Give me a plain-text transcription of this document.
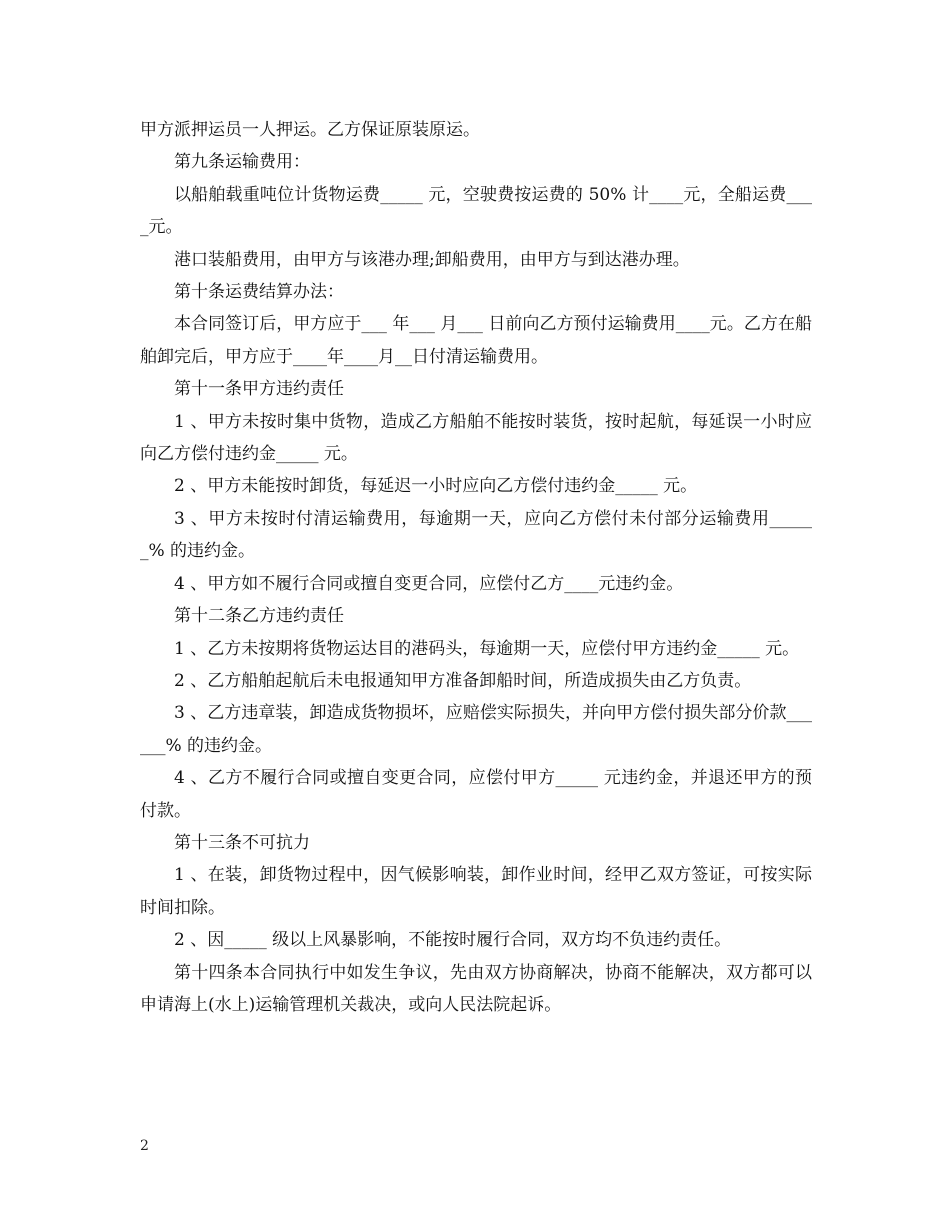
甲方派押运员一人押运。乙方保证原装原运。

第九条运输费用：

以船舶载重吨位计货物运费_____ 元，空驶费按运费的 50% 计____元，全船运费____元。

港口装船费用，由甲方与该港办理;卸船费用，由甲方与到达港办理。

第十条运费结算办法：

本合同签订后，甲方应于___ 年___ 月___ 日前向乙方预付运输费用____元。乙方在船舶卸完后，甲方应于____年____月__日付清运输费用。

第十一条甲方违约责任

1 、甲方未按时集中货物，造成乙方船舶不能按时装货，按时起航，每延误一小时应向乙方偿付违约金_____ 元。

2 、甲方未能按时卸货，每延迟一小时应向乙方偿付违约金_____ 元。

3 、甲方未按时付清运输费用，每逾期一天，应向乙方偿付未付部分运输费用______% 的违约金。

4 、甲方如不履行合同或擅自变更合同，应偿付乙方____元违约金。

第十二条乙方违约责任

1 、乙方未按期将货物运达目的港码头，每逾期一天，应偿付甲方违约金_____ 元。

2 、乙方船舶起航后未电报通知甲方准备卸船时间，所造成损失由乙方负责。

3 、乙方违章装，卸造成货物损坏，应赔偿实际损失，并向甲方偿付损失部分价款______% 的违约金。

4 、乙方不履行合同或擅自变更合同，应偿付甲方_____ 元违约金，并退还甲方的预付款。

第十三条不可抗力

1 、在装，卸货物过程中，因气候影响装，卸作业时间，经甲乙双方签证，可按实际时间扣除。

2 、因_____ 级以上风暴影响，不能按时履行合同，双方均不负违约责任。

第十四条本合同执行中如发生争议，先由双方协商解决，协商不能解决，双方都可以申请海上(水上)运输管理机关裁决，或向人民法院起诉。

2
